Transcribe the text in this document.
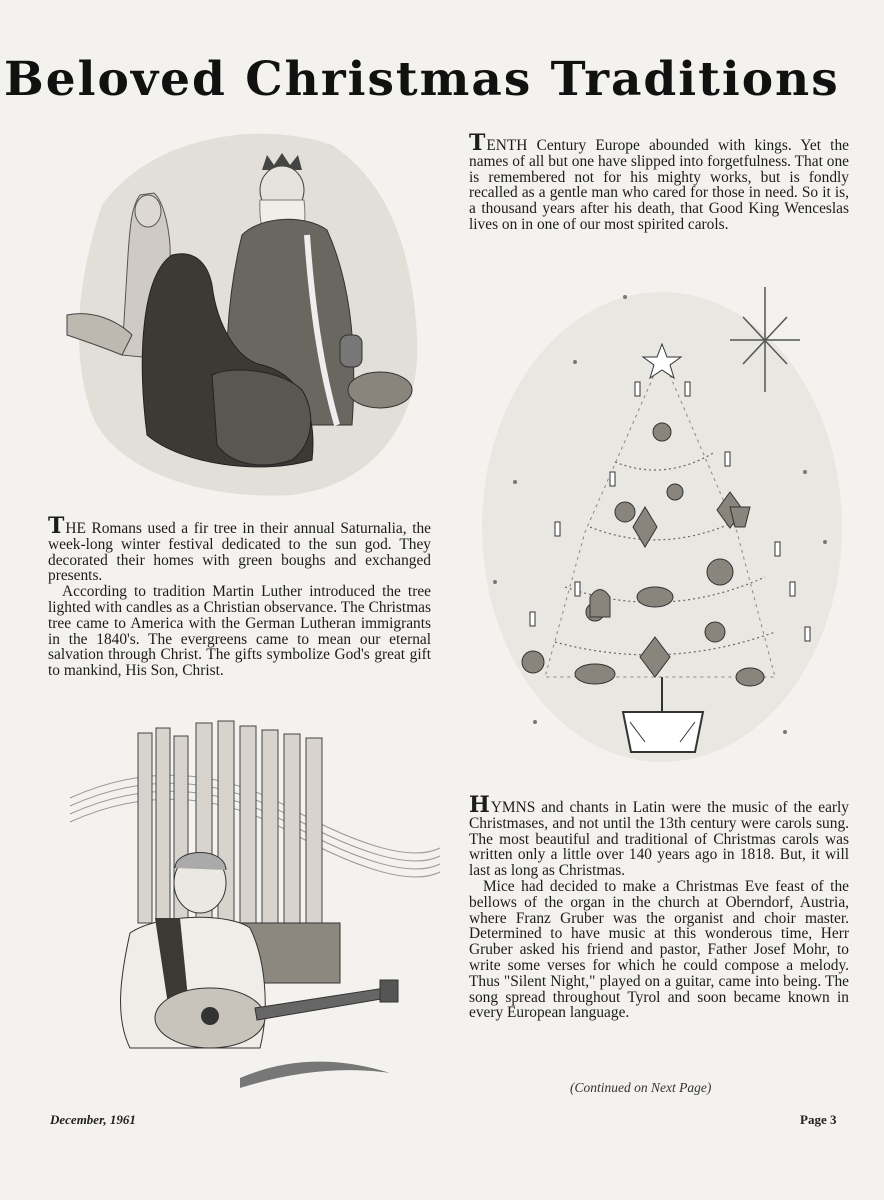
Beloved Christmas Traditions

TENTH Century Europe abounded with kings. Yet the names of all but one have slipped into forgetfulness. That one is remembered not for his mighty works, but is fondly recalled as a gentle man who cared for those in need. So it is, a thousand years after his death, that Good King Wenceslas lives on in one of our most spirited carols.

THE Romans used a fir tree in their annual Saturnalia, the week-long winter festival dedicated to the sun god. They decorated their homes with green boughs and exchanged presents.

According to tradition Martin Luther introduced the tree lighted with candles as a Christian observance. The Christmas tree came to America with the German Lutheran immigrants in the 1840's. The evergreens came to mean our eternal salvation through Christ. The gifts symbolize God's great gift to mankind, His Son, Christ.

HYMNS and chants in Latin were the music of the early Christmases, and not until the 13th century were carols sung. The most beautiful and traditional of Christmas carols was written only a little over 140 years ago in 1818. But, it will last as long as Christmas.

Mice had decided to make a Christmas Eve feast of the bellows of the organ in the church at Oberndorf, Austria, where Franz Gruber was the organist and choir master. Determined to have music at this wonderous time, Herr Gruber asked his friend and pastor, Father Josef Mohr, to write some verses for which he could compose a melody. Thus "Silent Night," played on a guitar, came into being. The song spread throughout Tyrol and soon became known in every European language.

(Continued on Next Page)
December, 1961	Page 3
